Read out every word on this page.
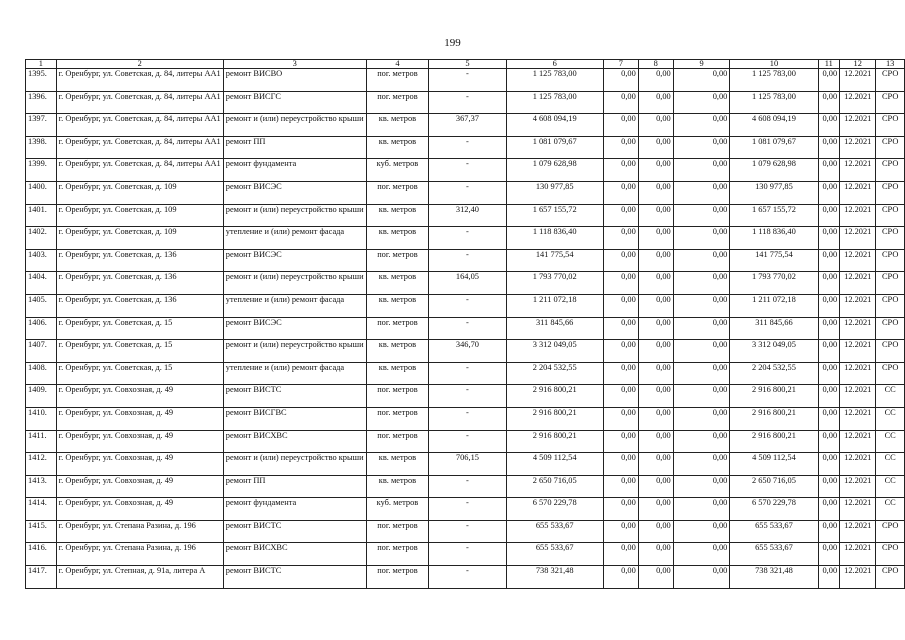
199
1	2	3	4	5	6	7	8	9	10	11	12	13
1395.	г. Оренбург, ул. Советская, д. 84, литеры АА1	ремонт ВИСВО	пог. метров	-	1 125 783,00	0,00	0,00	0,00	1 125 783,00	0,00	12.2021	СРО
1396.	г. Оренбург, ул. Советская, д. 84, литеры АА1	ремонт ВИСГС	пог. метров	-	1 125 783,00	0,00	0,00	0,00	1 125 783,00	0,00	12.2021	СРО
1397.	г. Оренбург, ул. Советская, д. 84, литеры АА1	ремонт и (или) переустройство крыши	кв. метров	367,37	4 608 094,19	0,00	0,00	0,00	4 608 094,19	0,00	12.2021	СРО
1398.	г. Оренбург, ул. Советская, д. 84, литеры АА1	ремонт ПП	кв. метров	-	1 081 079,67	0,00	0,00	0,00	1 081 079,67	0,00	12.2021	СРО
1399.	г. Оренбург, ул. Советская, д. 84, литеры АА1	ремонт фундамента	куб. метров	-	1 079 628,98	0,00	0,00	0,00	1 079 628,98	0,00	12.2021	СРО
1400.	г. Оренбург, ул. Советская, д. 109	ремонт ВИСЭС	пог. метров	-	130 977,85	0,00	0,00	0,00	130 977,85	0,00	12.2021	СРО
1401.	г. Оренбург, ул. Советская, д. 109	ремонт и (или) переустройство крыши	кв. метров	312,40	1 657 155,72	0,00	0,00	0,00	1 657 155,72	0,00	12.2021	СРО
1402.	г. Оренбург, ул. Советская, д. 109	утепление и (или) ремонт фасада	кв. метров	-	1 118 836,40	0,00	0,00	0,00	1 118 836,40	0,00	12.2021	СРО
1403.	г. Оренбург, ул. Советская, д. 136	ремонт ВИСЭС	пог. метров	-	141 775,54	0,00	0,00	0,00	141 775,54	0,00	12.2021	СРО
1404.	г. Оренбург, ул. Советская, д. 136	ремонт и (или) переустройство крыши	кв. метров	164,05	1 793 770,02	0,00	0,00	0,00	1 793 770,02	0,00	12.2021	СРО
1405.	г. Оренбург, ул. Советская, д. 136	утепление и (или) ремонт фасада	кв. метров	-	1 211 072,18	0,00	0,00	0,00	1 211 072,18	0,00	12.2021	СРО
1406.	г. Оренбург, ул. Советская, д. 15	ремонт ВИСЭС	пог. метров	-	311 845,66	0,00	0,00	0,00	311 845,66	0,00	12.2021	СРО
1407.	г. Оренбург, ул. Советская, д. 15	ремонт и (или) переустройство крыши	кв. метров	346,70	3 312 049,05	0,00	0,00	0,00	3 312 049,05	0,00	12.2021	СРО
1408.	г. Оренбург, ул. Советская, д. 15	утепление и (или) ремонт фасада	кв. метров	-	2 204 532,55	0,00	0,00	0,00	2 204 532,55	0,00	12.2021	СРО
1409.	г. Оренбург, ул. Совхозная, д. 49	ремонт ВИСТС	пог. метров	-	2 916 800,21	0,00	0,00	0,00	2 916 800,21	0,00	12.2021	СС
1410.	г. Оренбург, ул. Совхозная, д. 49	ремонт ВИСГВС	пог. метров	-	2 916 800,21	0,00	0,00	0,00	2 916 800,21	0,00	12.2021	СС
1411.	г. Оренбург, ул. Совхозная, д. 49	ремонт ВИСХВС	пог. метров	-	2 916 800,21	0,00	0,00	0,00	2 916 800,21	0,00	12.2021	СС
1412.	г. Оренбург, ул. Совхозная, д. 49	ремонт и (или) переустройство крыши	кв. метров	706,15	4 509 112,54	0,00	0,00	0,00	4 509 112,54	0,00	12.2021	СС
1413.	г. Оренбург, ул. Совхозная, д. 49	ремонт ПП	кв. метров	-	2 650 716,05	0,00	0,00	0,00	2 650 716,05	0,00	12.2021	СС
1414.	г. Оренбург, ул. Совхозная, д. 49	ремонт фундамента	куб. метров	-	6 570 229,78	0,00	0,00	0,00	6 570 229,78	0,00	12.2021	СС
1415.	г. Оренбург, ул. Степана Разина, д. 196	ремонт ВИСТС	пог. метров	-	655 533,67	0,00	0,00	0,00	655 533,67	0,00	12.2021	СРО
1416.	г. Оренбург, ул. Степана Разина, д. 196	ремонт ВИСХВС	пог. метров	-	655 533,67	0,00	0,00	0,00	655 533,67	0,00	12.2021	СРО
1417.	г. Оренбург, ул. Степная, д. 91а, литера А	ремонт ВИСТС	пог. метров	-	738 321,48	0,00	0,00	0,00	738 321,48	0,00	12.2021	СРО
